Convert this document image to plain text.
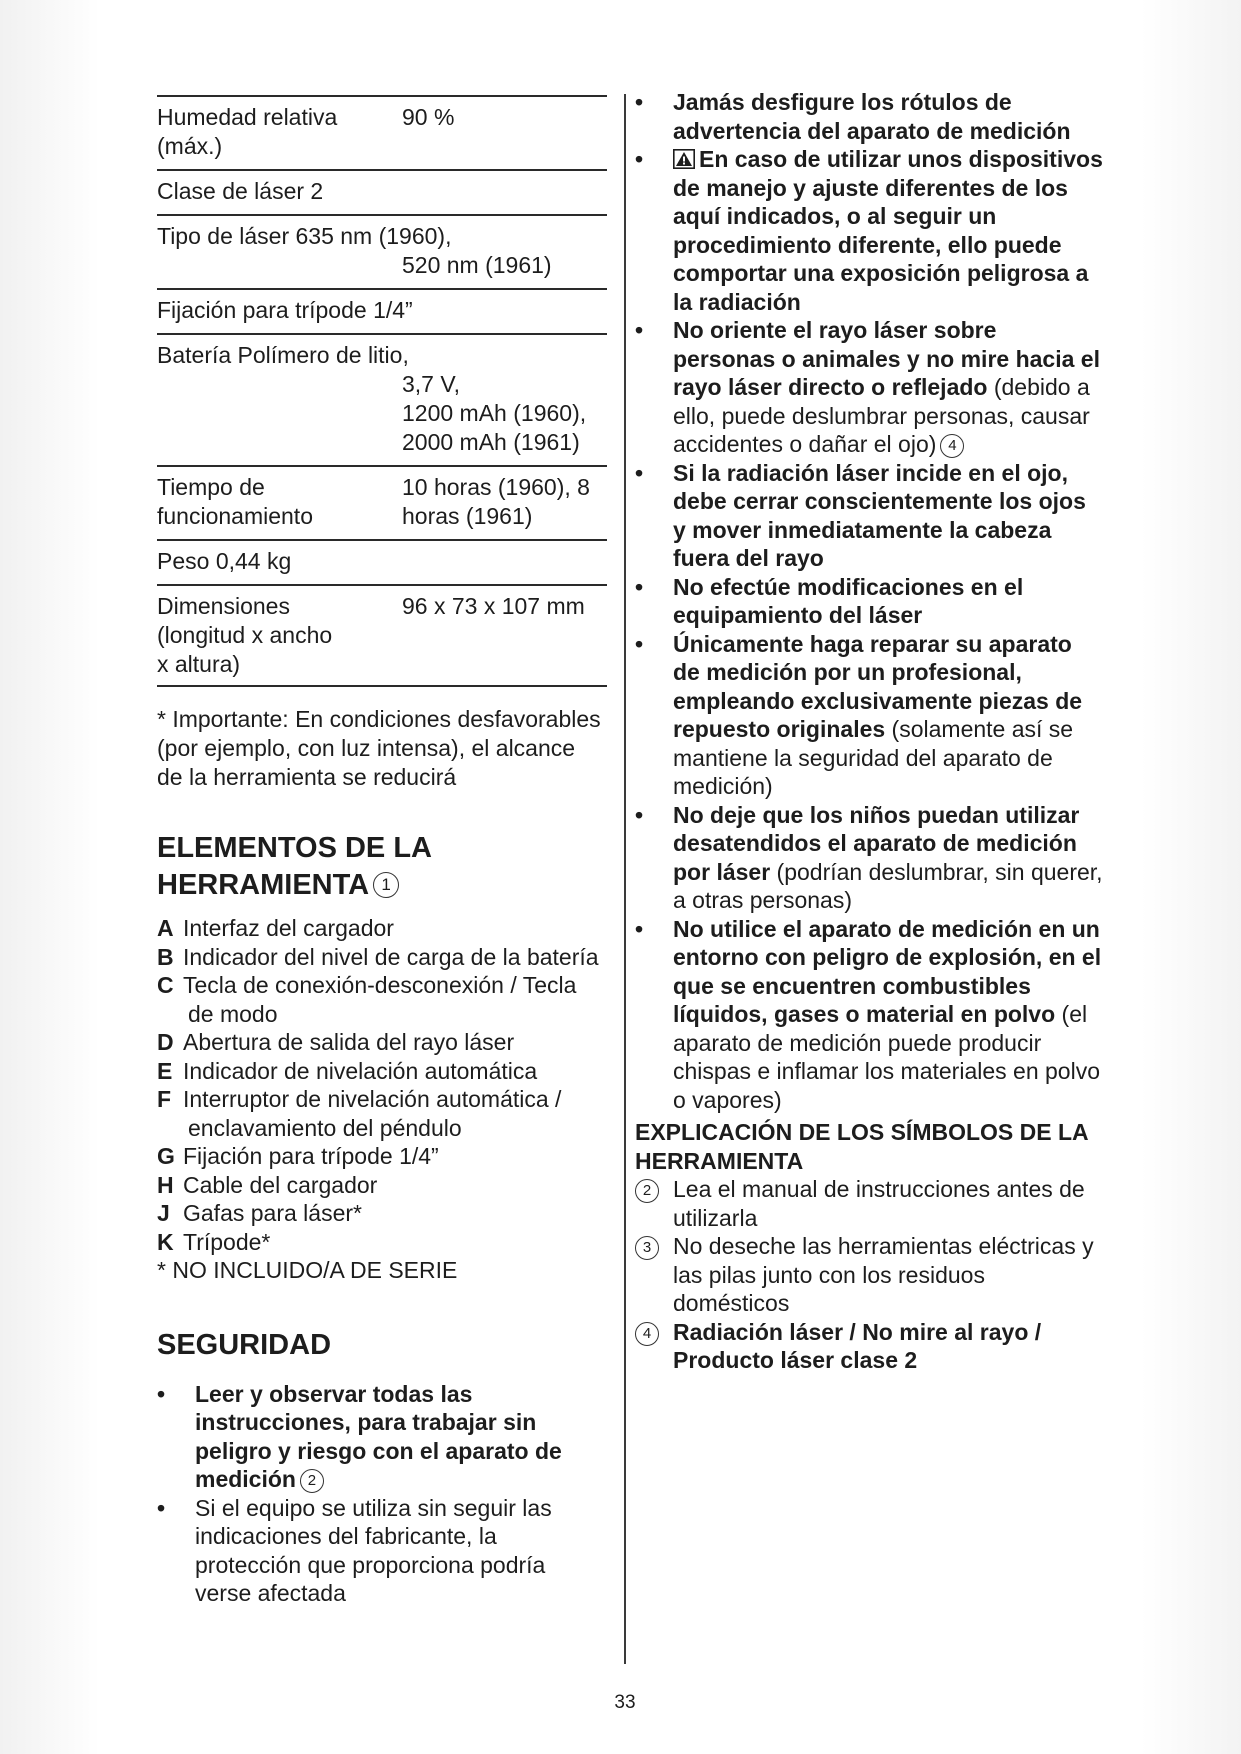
Humedad relativa (máx.)
90 %
Clase de láser 2
Tipo de láser 635 nm (1960),
520 nm (1961)
Fijación para trípode 1/4”
Batería Polímero de litio,
3,7 V,
1200 mAh (1960),
2000 mAh (1961)
Tiempo de funcionamiento
10 horas (1960), 8 horas (1961)
Peso 0,44 kg
Dimensiones (longitud x ancho x altura)
96 x 73 x 107 mm
* Importante: En condiciones desfavorables (por ejemplo, con luz intensa), el alcance de la herramienta se reducirá
ELEMENTOS DE LA
HERRAMIENTA 1
A Interfaz del cargador
B Indicador del nivel de carga de la batería
C Tecla de conexión-desconexión / Tecla de modo
D Abertura de salida del rayo láser
E Indicador de nivelación automática
F Interruptor de nivelación automática / enclavamiento del péndulo
G Fijación para trípode 1/4”
H Cable del cargador
J Gafas para láser*
K Trípode*
* NO INCLUIDO/A DE SERIE
SEGURIDAD
• Leer y observar todas las instrucciones, para trabajar sin peligro y riesgo con el aparato de medición 2
• Si el equipo se utiliza sin seguir las indicaciones del fabricante, la protección que proporciona podría verse afectada
• Jamás desfigure los rótulos de advertencia del aparato de medición
• En caso de utilizar unos dispositivos de manejo y ajuste diferentes de los aquí indicados, o al seguir un procedimiento diferente, ello puede comportar una exposición peligrosa a la radiación
• No oriente el rayo láser sobre personas o animales y no mire hacia el rayo láser directo o reflejado (debido a ello, puede deslumbrar personas, causar accidentes o dañar el ojo) 4
• Si la radiación láser incide en el ojo, debe cerrar conscientemente los ojos y mover inmediatamente la cabeza fuera del rayo
• No efectúe modificaciones en el equipamiento del láser
• Únicamente haga reparar su aparato de medición por un profesional, empleando exclusivamente piezas de repuesto originales (solamente así se mantiene la seguridad del aparato de medición)
• No deje que los niños puedan utilizar desatendidos el aparato de medición por láser (podrían deslumbrar, sin querer, a otras personas)
• No utilice el aparato de medición en un entorno con peligro de explosión, en el que se encuentren combustibles líquidos, gases o material en polvo (el aparato de medición puede producir chispas e inflamar los materiales en polvo o vapores)
EXPLICACIÓN DE LOS SÍMBOLOS DE LA HERRAMIENTA
2 Lea el manual de instrucciones antes de utilizarla
3 No deseche las herramientas eléctricas y las pilas junto con los residuos domésticos
4 Radiación láser / No mire al rayo / Producto láser clase 2
33
